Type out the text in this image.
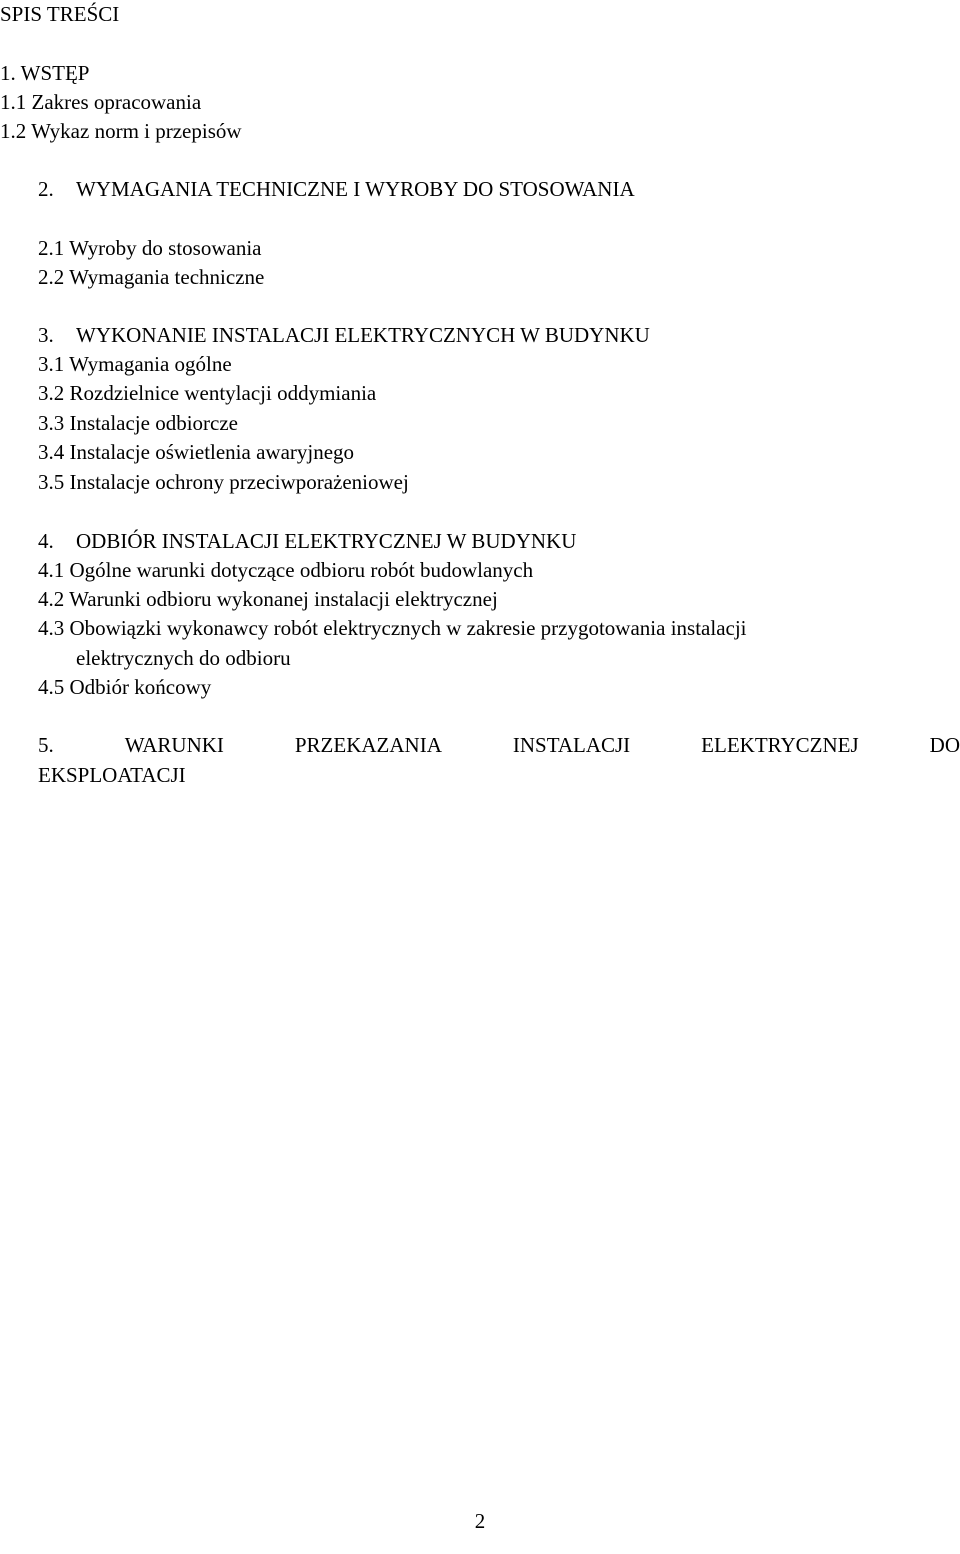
SPIS TREŚCI
1. WSTĘP
1.1 Zakres opracowania
1.2 Wykaz norm i przepisów
2. WYMAGANIA TECHNICZNE I WYROBY DO STOSOWANIA
2.1 Wyroby do stosowania
2.2 Wymagania techniczne
3. WYKONANIE INSTALACJI ELEKTRYCZNYCH W BUDYNKU
3.1 Wymagania ogólne
3.2 Rozdzielnice wentylacji oddymiania
3.3 Instalacje odbiorcze
3.4 Instalacje oświetlenia awaryjnego
3.5 Instalacje ochrony przeciwporażeniowej
4. ODBIÓR INSTALACJI ELEKTRYCZNEJ W BUDYNKU
4.1 Ogólne warunki dotyczące odbioru robót budowlanych
4.2 Warunki odbioru wykonanej instalacji elektrycznej
4.3 Obowiązki wykonawcy robót elektrycznych w zakresie przygotowania instalacji
elektrycznych do odbioru
4.5 Odbiór końcowy
5.	WARUNKI	PRZEKAZANIA	INSTALACJI	ELEKTRYCZNEJ	DO
EKSPLOATACJI
2
